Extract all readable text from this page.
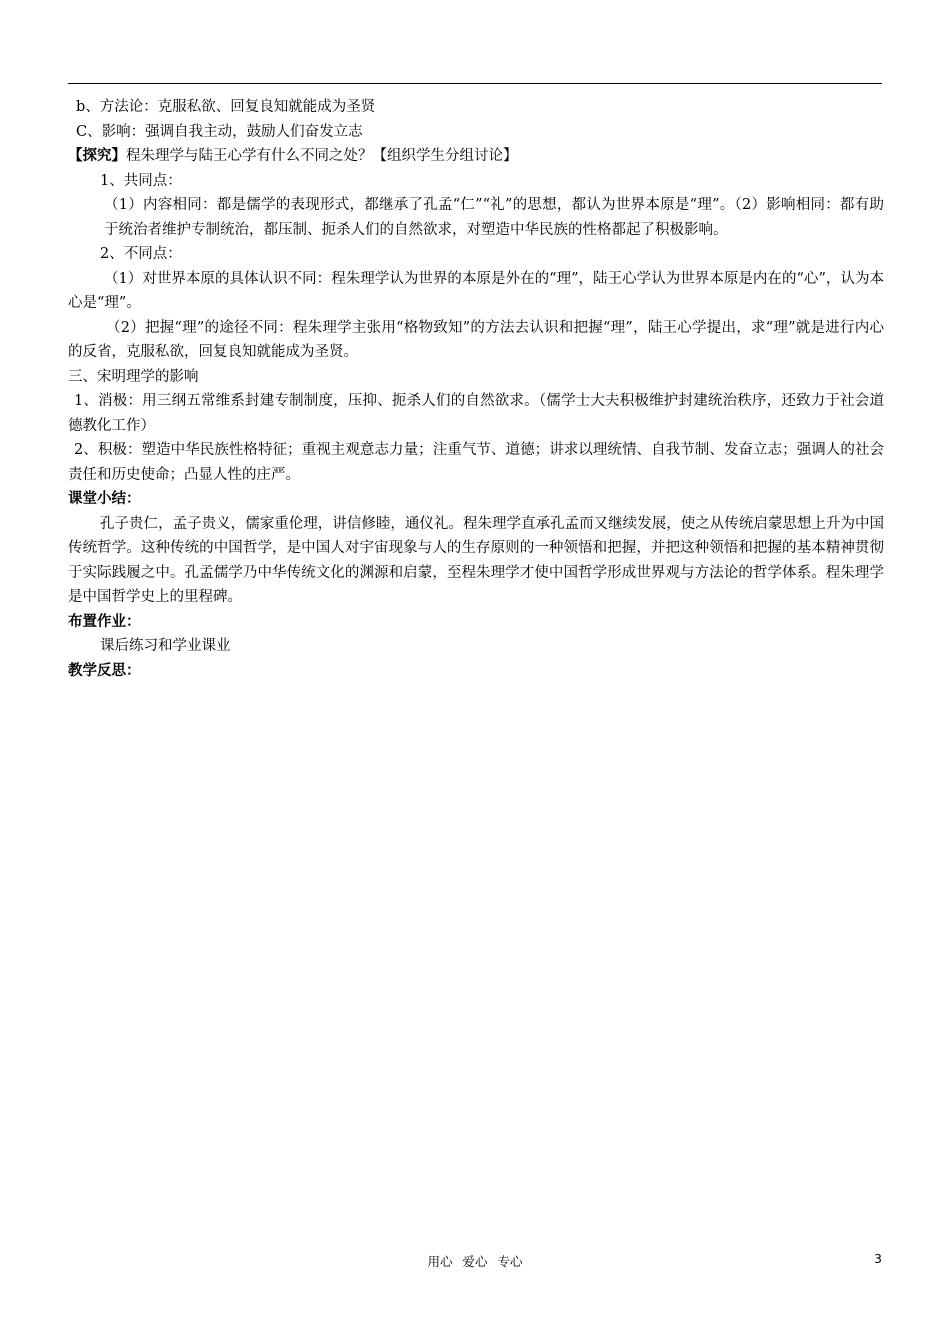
b、方法论：克服私欲、回复良知就能成为圣贤

C、影响：强调自我主动，鼓励人们奋发立志

【探究】程朱理学与陆王心学有什么不同之处？【组织学生分组讨论】

1、共同点：

（1）内容相同：都是儒学的表现形式，都继承了孔孟“仁”“礼”的思想，都认为世界本原是“理”。（2）影响相同：都有助于统治者维护专制统治，都压制、扼杀人们的自然欲求，对塑造中华民族的性格都起了积极影响。

2、不同点：

（1）对世界本原的具体认识不同：程朱理学认为世界的本原是外在的“理”，陆王心学认为世界本原是内在的“心”，认为本心是“理”。

（2）把握“理”的途径不同：程朱理学主张用“格物致知”的方法去认识和把握“理”，陆王心学提出，求“理”就是进行内心的反省，克服私欲，回复良知就能成为圣贤。

三、宋明理学的影响

1、消极：用三纲五常维系封建专制制度，压抑、扼杀人们的自然欲求。（儒学士大夫积极维护封建统治秩序，还致力于社会道德教化工作）

2、积极：塑造中华民族性格特征；重视主观意志力量；注重气节、道德；讲求以理统情、自我节制、发奋立志；强调人的社会责任和历史使命；凸显人性的庄严。

课堂小结：

孔子贵仁，孟子贵义，儒家重伦理，讲信修睦，通仪礼。程朱理学直承孔孟而又继续发展，使之从传统启蒙思想上升为中国传统哲学。这种传统的中国哲学，是中国人对宇宙现象与人的生存原则的一种领悟和把握，并把这种领悟和把握的基本精神贯彻于实际践履之中。孔孟儒学乃中华传统文化的渊源和启蒙，至程朱理学才使中国哲学形成世界观与方法论的哲学体系。程朱理学是中国哲学史上的里程碑。

布置作业：

课后练习和学业课业

教学反思：

用心 爱心 专心	3
